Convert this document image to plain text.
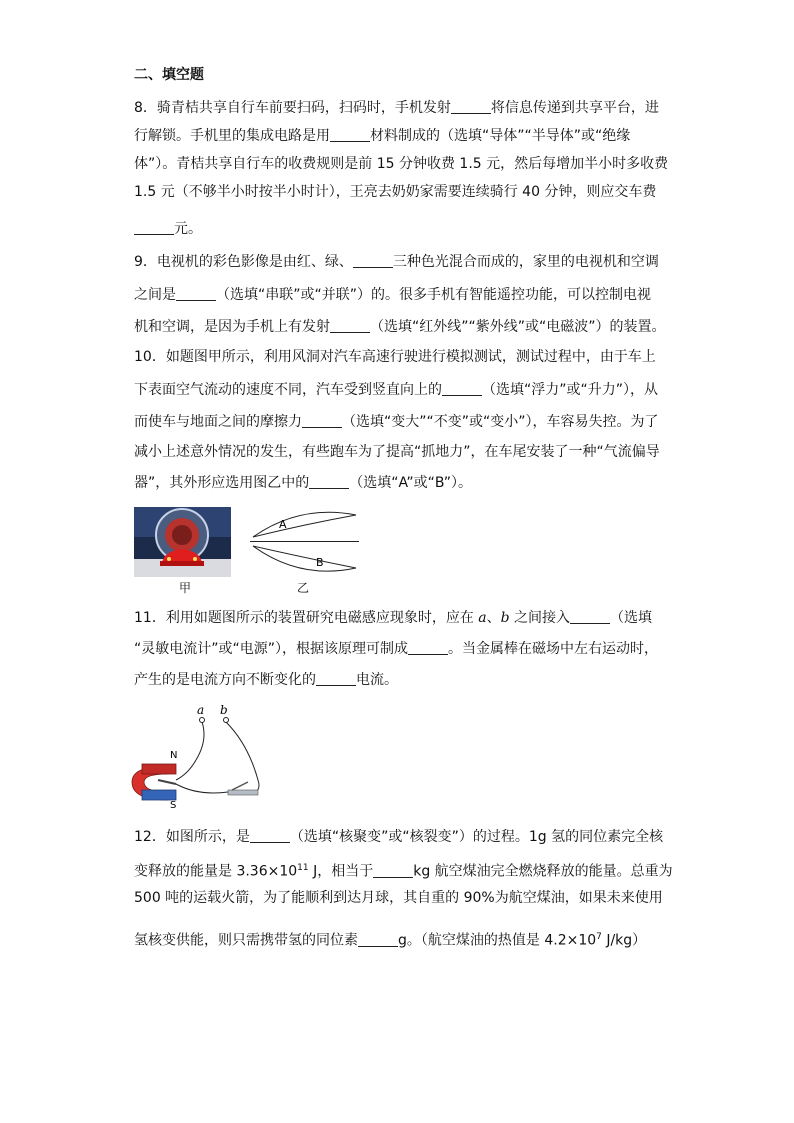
二、填空题
8．骑青桔共享自行车前要扫码，扫码时，手机发射	将信息传递到共享平台，进
行解锁。手机里的集成电路是用	材料制成的（选填“导体”“半导体”或“绝缘
体”）。青桔共享自行车的收费规则是前 15 分钟收费 1.5 元，然后每增加半小时多收费
1.5 元（不够半小时按半小时计），王亮去奶奶家需要连续骑行 40 分钟，则应交车费
元。
9．电视机的彩色影像是由红、绿、	三种色光混合而成的，家里的电视机和空调
之间是	（选填“串联”或“并联”）的。很多手机有智能遥控功能，可以控制电视
机和空调，是因为手机上有发射	（选填“红外线”“紫外线”或“电磁波”）的装置。
10．如题图甲所示，利用风洞对汽车高速行驶进行模拟测试，测试过程中，由于车上
下表面空气流动的速度不同，汽车受到竖直向上的	（选填“浮力”或“升力”），从
而使车与地面之间的摩擦力	（选填“变大”“不变”或“变小”），车容易失控。为了
减小上述意外情况的发生，有些跑车为了提高“抓地力”，在车尾安装了一种“气流偏导
器”，其外形应选用图乙中的	（选填“A”或“B”）。
甲
A
B
乙
11．利用如题图所示的装置研究电磁感应现象时，应在 a、b 之间接入	（选填
“灵敏电流计”或“电源”），根据该原理可制成	。当金属棒在磁场中左右运动时，
产生的是电流方向不断变化的	电流。
a b
N
S
12．如图所示，是	（选填“核聚变”或“核裂变”）的过程。1g 氢的同位素完全核
变释放的能量是 $3.36\times 10^{11}$ J，相当于	kg 航空煤油完全燃烧释放的能量。总重为
500 吨的运载火箭，为了能顺利到达月球，其自重的 90%为航空煤油，如果未来使用
氢核变供能，则只需携带氢的同位素	g。（航空煤油的热值是 $4.2\times 10^7$ J/kg）
